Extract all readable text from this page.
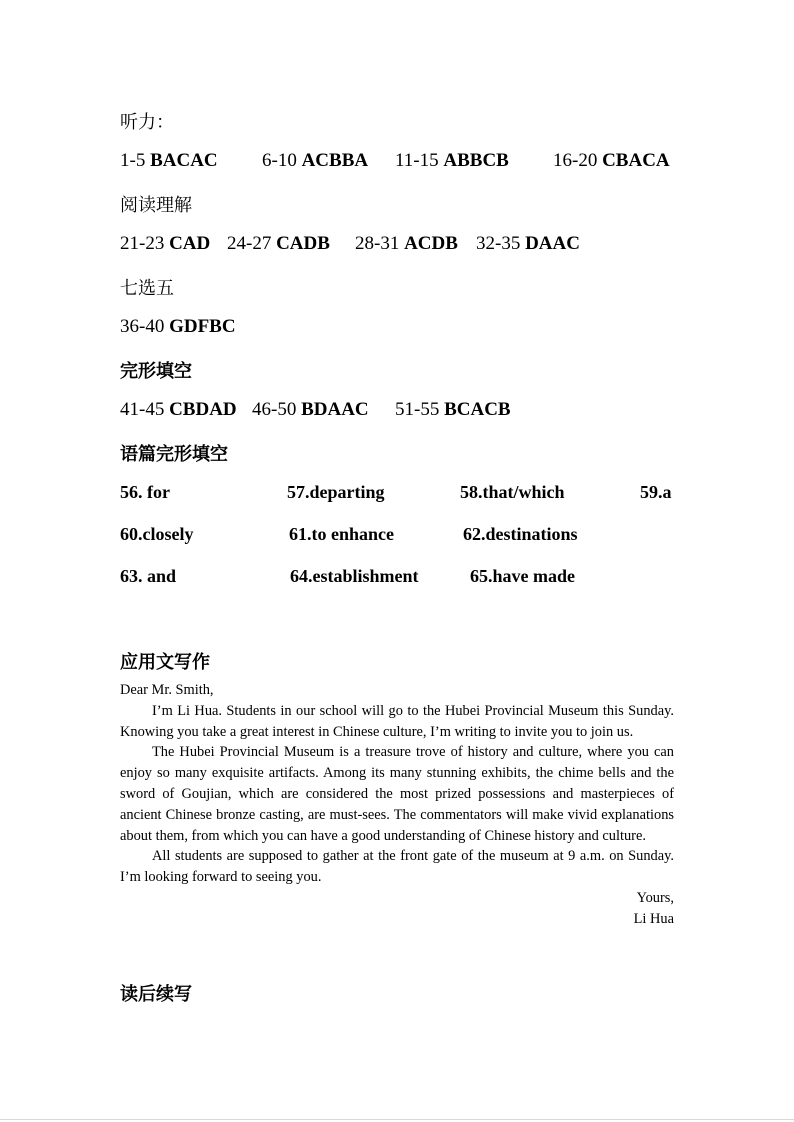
听力：
1-5 BACAC 6-10 ACBBA 11-15 ABBCB 16-20 CBACA
阅读理解
21-23 CAD 24-27 CADB 28-31 ACDB 32-35 DAAC
七选五
36-40 GDFBC
完形填空
41-45 CBDAD 46-50 BDAAC 51-55 BCACB
语篇完形填空
56. for	57.departing	58.that/which	59.a
60.closely	61.to enhance	62.destinations
63. and	64.establishment	65.have made
应用文写作

Dear Mr. Smith,

I’m Li Hua. Students in our school will go to the Hubei Provincial Museum this Sunday. Knowing you take a great interest in Chinese culture, I’m writing to invite you to join us.

The Hubei Provincial Museum is a treasure trove of history and culture, where you can enjoy so many exquisite artifacts. Among its many stunning exhibits, the chime bells and the sword of Goujian, which are considered the most prized possessions and masterpieces of ancient Chinese bronze casting, are must-sees. The commentators will make vivid explanations about them, from which you can have a good understanding of Chinese history and culture.

All students are supposed to gather at the front gate of the museum at 9 a.m. on Sunday. I’m looking forward to seeing you.

Yours,

Li Hua

读后续写
